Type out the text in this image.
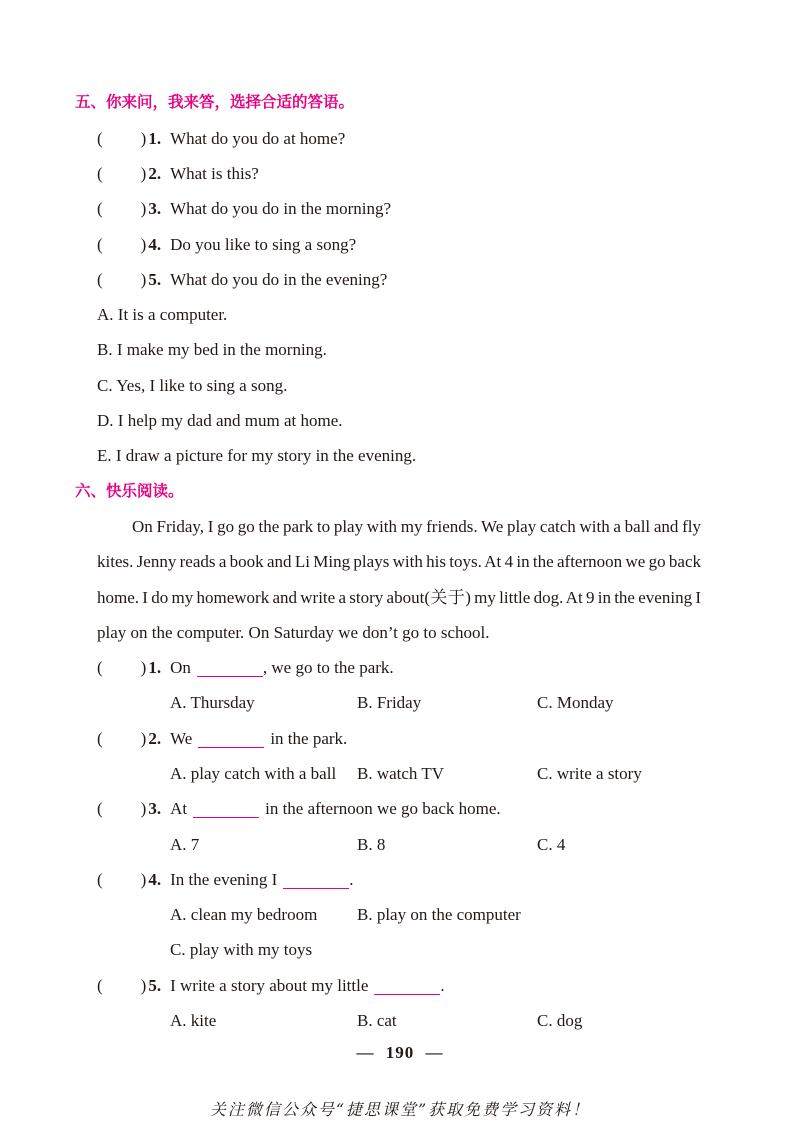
五、你来问，我来答，选择合适的答语。
( ) 1. What do you do at home?
( ) 2. What is this?
( ) 3. What do you do in the morning?
( ) 4. Do you like to sing a song?
( ) 5. What do you do in the evening?
A. It is a computer.
B. I make my bed in the morning.
C. Yes, I like to sing a song.
D. I help my dad and mum at home.
E. I draw a picture for my story in the evening.
六、快乐阅读。
On Friday, I go go the park to play with my friends. We play catch with a ball and fly
kites. Jenny reads a book and Li Ming plays with his toys. At 4 in the afternoon we go back
home. I do my homework and write a story about(关于) my little dog. At 9 in the evening I
play on the computer. On Saturday we don’t go to school.
( ) 1. On	, we go to the park.
A. Thursday	B. Friday	C. Monday
( ) 2. We	in the park.
A. play catch with a ball B. watch TV	C. write a story
( ) 3. At	in the afternoon we go back home.
A. 7	B. 8	C. 4
( ) 4. In the evening I	.
A. clean my bedroom B. play on the computer
C. play with my toys
( ) 5. I write a story about my little	.
A. kite	B. cat	C. dog
— 190 —
关注微信公众号“捷思课堂”获取免费学习资料！
